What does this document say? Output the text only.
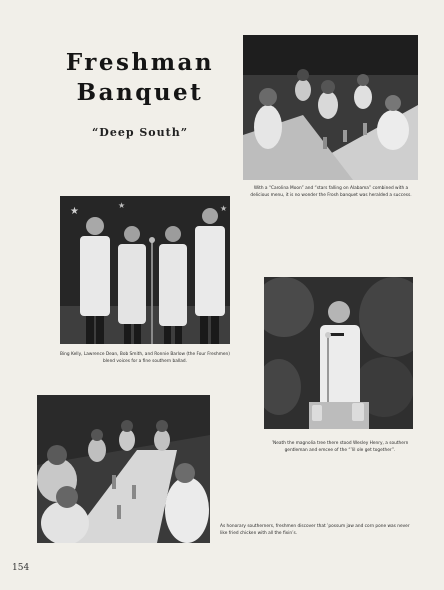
Freshman
Banquet
“Deep South”
With a “Carolina Moon” and “stars falling on Alabama” combined with a delicious menu, it is no wonder the Frosh banquet was heralded a success.
★
★	★
Bing Kelly, Lawrence Dean, Bob Smith, and Ronnie Barlow (the Four Freshmen) blend voices for a fine southern ballad.
’Neath the magnolia tree there stood Wesley Henry, a southern gentleman and emcee of the “’lil ole get together”.
As honorary southerners, freshmen discover that ’possum jaw and corn pone was never like fried chicken with all the fixin’s.
154
